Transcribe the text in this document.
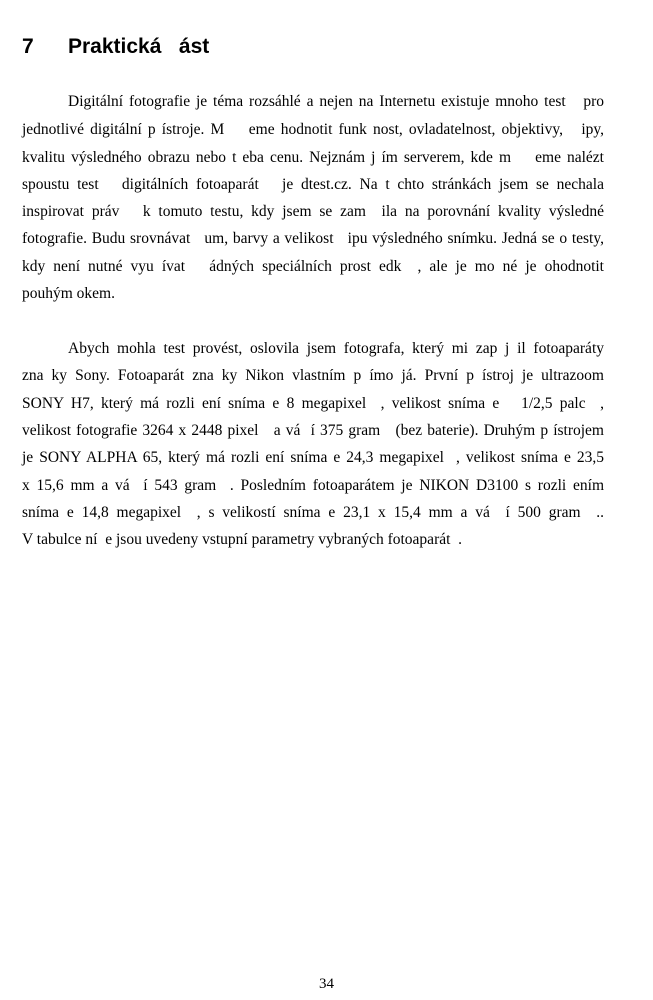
7 Praktická   ást

Digitální fotografie je téma rozsáhlé a nejen na Internetu existuje mnoho test   pro

jednotlivé digitální p ístroje. M    eme hodnotit funk nost, ovladatelnost, objektivy,   ipy,

kvalitu výsledného obrazu nebo t eba cenu. Nejznám j ím serverem, kde m    eme nalézt

spoustu test   digitálních fotoaparát   je dtest.cz. Na t chto stránkách jsem se nechala

inspirovat práv   k tomuto testu, kdy jsem se zam  ila na porovnání kvality výsledné

fotografie. Budu srovnávat   um, barvy a velikost   ipu výsledného snímku. Jedná se o testy,

kdy není nutné vyu ívat   ádných speciálních prost edk  , ale je mo né je ohodnotit

pouhým okem.

Abych mohla test provést, oslovila jsem fotografa, který mi zap j il fotoaparáty

zna ky Sony. Fotoaparát zna ky Nikon vlastním p ímo já. První p ístroj je ultrazoom

SONY H7, který má rozli ení sníma e 8 megapixel  , velikost sníma e   1/2,5 palc  ,

velikost fotografie 3264 x 2448 pixel   a vá  í 375 gram   (bez baterie). Druhým p ístrojem

je SONY ALPHA 65, který má rozli ení sníma e 24,3 megapixel  , velikost sníma e 23,5

x 15,6 mm a vá  í 543 gram  . Posledním fotoaparátem je NIKON D3100 s rozli ením

sníma e 14,8 megapixel  , s velikostí sníma e 23,1 x 15,4 mm a vá  í 500 gram  ..

V tabulce ní  e jsou uvedeny vstupní parametry vybraných fotoaparát  .

34
